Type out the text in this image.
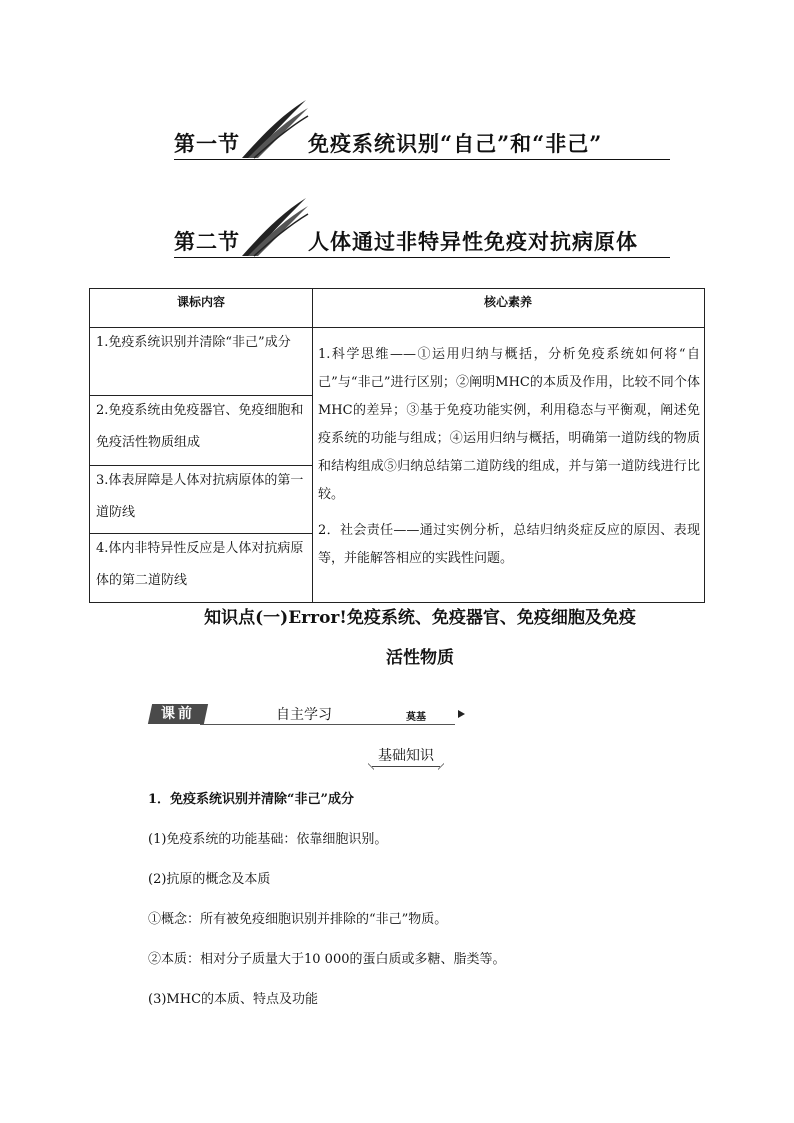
第一节	免疫系统识别“自己”和“非己”
第二节	人体通过非特异性免疫对抗病原体
课标内容	核心素养
1.免疫系统识别并清除“非己”成分
2.免疫系统由免疫器官、免疫细胞和免疫活性物质组成
3.体表屏障是人体对抗病原体的第一道防线
4.体内非特异性反应是人体对抗病原体的第二道防线
1.科学思维——①运用归纳与概括，分析免疫系统如何将“自己”与“非己”进行区别；②阐明MHC的本质及作用，比较不同个体MHC的差异；③基于免疫功能实例，利用稳态与平衡观，阐述免疫系统的功能与组成；④运用归纳与概括，明确第一道防线的物质和结构组成⑤归纳总结第二道防线的组成，并与第一道防线进行比较。
2．社会责任——通过实例分析，总结归纳炎症反应的原因、表现等，并能解答相应的实践性问题。
知识点(一)Error!免疫系统、免疫器官、免疫细胞及免疫
活性物质
课前	自主学习	莫基
基础知识
1．免疫系统识别并清除“非己”成分
(1)免疫系统的功能基础：依靠细胞识别。
(2)抗原的概念及本质
①概念：所有被免疫细胞识别并排除的“非己”物质。
②本质：相对分子质量大于10 000的蛋白质或多糖、脂类等。
(3)MHC的本质、特点及功能
